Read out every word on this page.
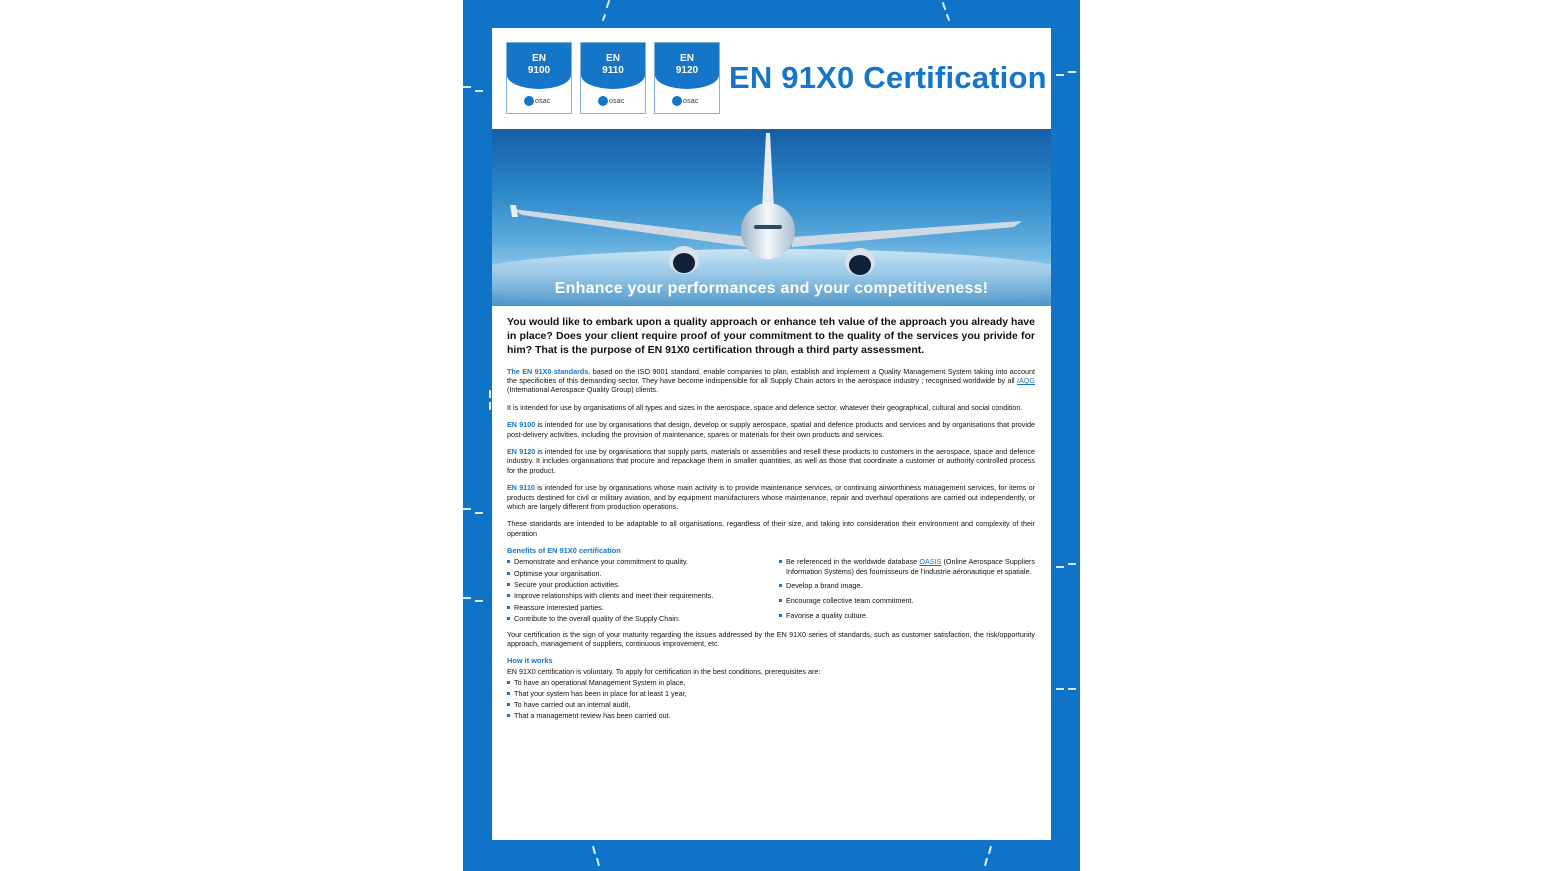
EN
9100
osac
EN
9110
osac
EN
9120
osac
EN 91X0 Certification
Enhance your performances and your competitiveness!

You would like to embark upon a quality approach or enhance teh value of the approach you already have in place? Does your client require proof of your commitment to the quality of the services you privide for him? That is the purpose of EN 91X0 certification through a third party assessment.

The EN 91X0 standards, based on the ISO 9001 standard, enable companies to plan, establish and implement a Quality Management System taking into account the specificities of this demanding sector. They have become indispensible for all Supply Chain actors in the aerospace industry ; recognised worldwide by all IAQG (International Aerospace Quality Group) clients.

It is intended for use by organisations of all types and sizes in the aerospace, space and defence sector, whatever their geographical, cultural and social condition.

EN 9100 is intended for use by organisations that design, develop or supply aerospace, spatial and defence products and services and by organisations that provide post-delivery activities, including the provision of maintenance, spares or materials for their own products and services.

EN 9120 is intended for use by organisations that supply parts, materials or assemblies and resell these products to customers in the aerospace, space and defence industry. It includes organisations that procure and repackage them in smaller quantities, as well as those that coordinate a customer or authority controlled process for the product.

EN 9110 is intended for use by organisations whose main activity is to provide maintenance services, or continuing airworthiness management services, for items or products destined for civil or military aviation, and by equipment manufacturers whose maintenance, repair and overhaul operations are carried out independently, or which are largely different from production operations.

These standards are intended to be adaptable to all organisations, regardless of their size, and taking into consideration their environment and complexity of their operation

Benefits of EN 91X0 certification
Demonstrate and enhance your commitment to quality.
Optimise your organisation.
Secure your production activities.
Improve relationships with clients and meet their requirements.
Reassure interested parties.
Contribute to the overall quality of the Supply Chain.
Be referenced in the worldwide database OASIS (Online Aerospace Suppliers Information Systems) des fournisseurs de l'industrie aéronautique et spatiale.
Develop a brand image.
Encourage collective team commitment.
Favorise a quality culture.

Your certification is the sign of your maturity regarding the issues addressed by the EN 91X0 series of standards, such as customer satisfaction, the risk/opportunity approach, management of suppliers, continuous improvement, etc.

How it works

EN 91X0 certification is voluntary. To apply for certification in the best conditions, prerequisites are:

To have an operational Management System in place,
That your system has been in place for at least 1 year,
To have carried out an internal audit,
That a management review has been carried out.
